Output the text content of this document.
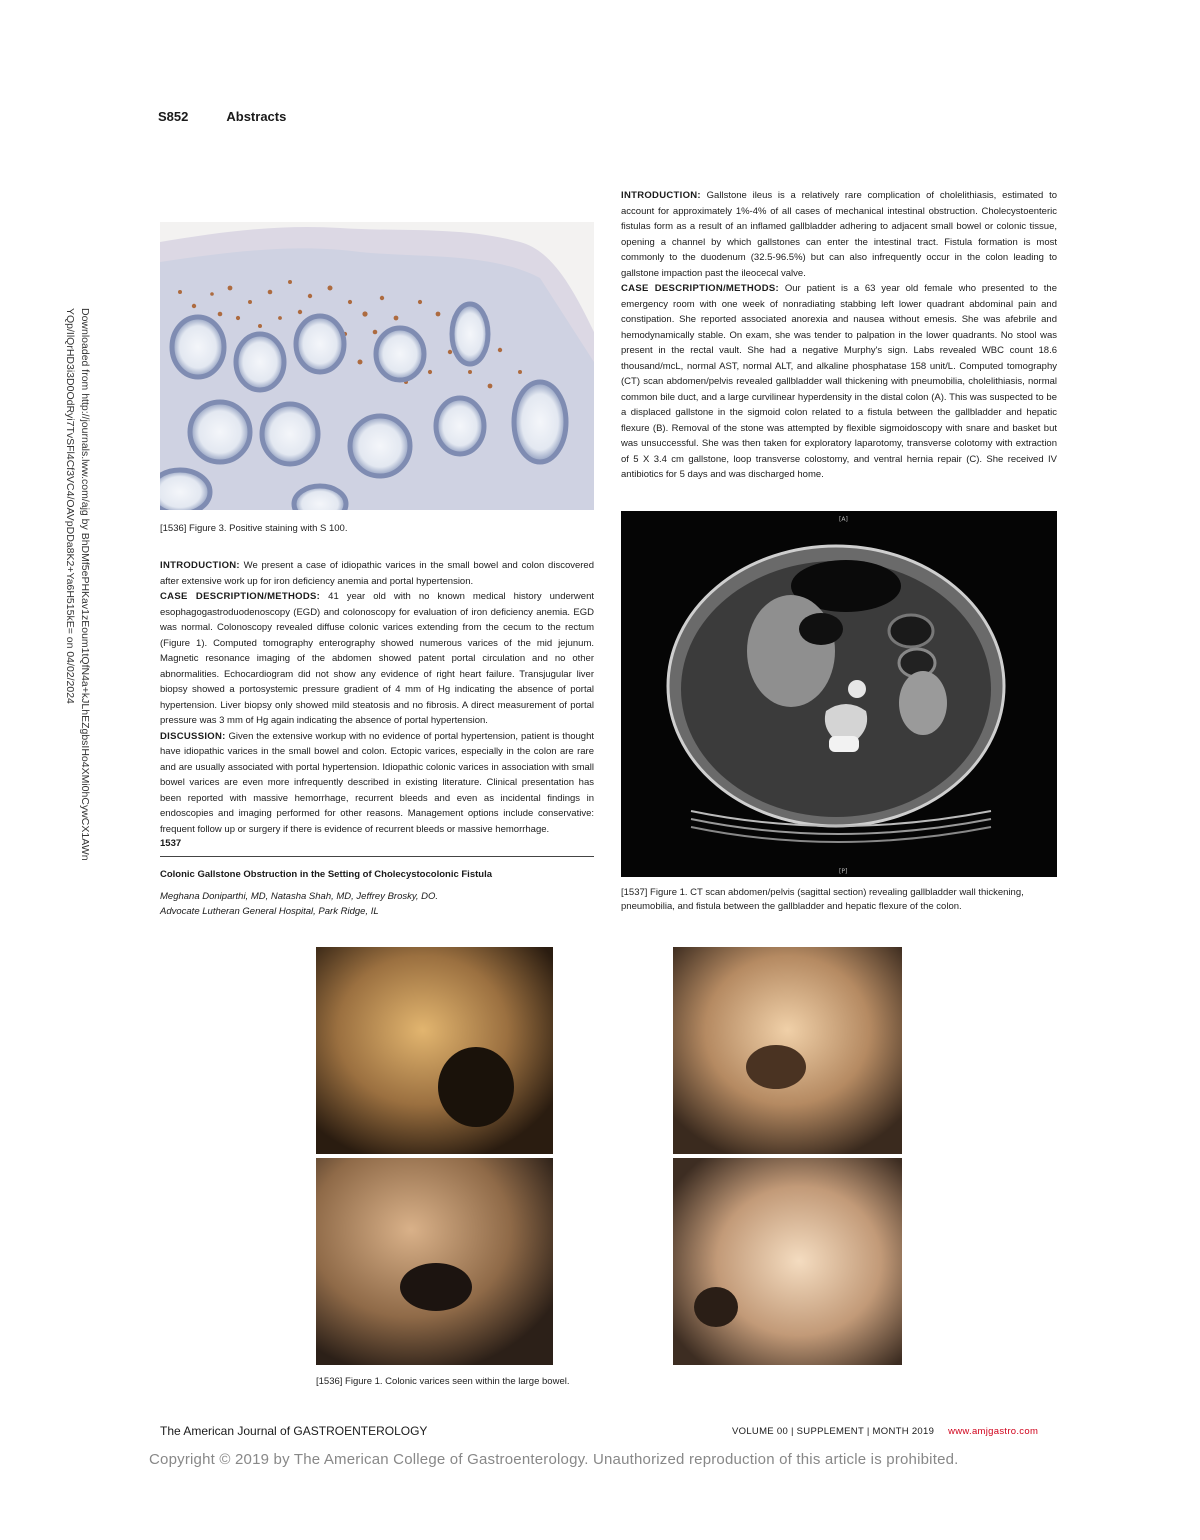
S852	Abstracts
Downloaded from http://journals.lww.com/ajg by BhDMf5ePHKav1zEoum1tQfN4a+kJLhEZgbsIHo4XMi0hCywCX1AWn
YQp/IlQrHD3i3D0OdRyi7TvSFl4Cf3VC4/OAVpDDa8K2+Ya6H515kE= on 04/02/2024	[1536] Figure 3. Positive staining with S 100.

INTRODUCTION: We present a case of idiopathic varices in the small bowel and colon discovered after extensive work up for iron deficiency anemia and portal hypertension.

CASE DESCRIPTION/METHODS: 41 year old with no known medical history underwent esophagogastroduodenoscopy (EGD) and colonoscopy for evaluation of iron deficiency anemia. EGD was normal. Colonoscopy revealed diffuse colonic varices extending from the cecum to the rectum (Figure 1). Computed tomography enterography showed numerous varices of the mid jejunum. Magnetic resonance imaging of the abdomen showed patent portal circulation and no other abnormalities. Echocardiogram did not show any evidence of right heart failure. Transjugular liver biopsy showed a portosystemic pressure gradient of 4 mm of Hg indicating the absence of portal hypertension. Liver biopsy only showed mild steatosis and no fibrosis. A direct measurement of portal pressure was 3 mm of Hg again indicating the absence of portal hypertension.

DISCUSSION: Given the extensive workup with no evidence of portal hypertension, patient is thought have idiopathic varices in the small bowel and colon. Ectopic varices, especially in the colon are rare and are usually associated with portal hypertension. Idiopathic colonic varices in association with small bowel varices are even more infrequently described in existing literature. Clinical presentation has been reported with massive hemorrhage, recurrent bleeds and even as incidental findings in endoscopies and imaging performed for other reasons. Management options include conservative: frequent follow up or surgery if there is evidence of recurrent bleeds or massive hemorrhage.

1537
Colonic Gallstone Obstruction in the Setting of Cholecystocolonic Fistula
Meghana Doniparthi, MD, Natasha Shah, MD, Jeffrey Brosky, DO.
Advocate Lutheran General Hospital, Park Ridge, IL

INTRODUCTION: Gallstone ileus is a relatively rare complication of cholelithiasis, estimated to account for approximately 1%-4% of all cases of mechanical intestinal obstruction. Cholecystoenteric fistulas form as a result of an inflamed gallbladder adhering to adjacent small bowel or colonic tissue, opening a channel by which gallstones can enter the intestinal tract. Fistula formation is most commonly to the duodenum (32.5-96.5%) but can also infrequently occur in the colon leading to gallstone impaction past the ileocecal valve.

CASE DESCRIPTION/METHODS: Our patient is a 63 year old female who presented to the emergency room with one week of nonradiating stabbing left lower quadrant abdominal pain and constipation. She reported associated anorexia and nausea without emesis. She was afebrile and hemodynamically stable. On exam, she was tender to palpation in the lower quadrants. No stool was present in the rectal vault. She had a negative Murphy's sign. Labs revealed WBC count 18.6 thousand/mcL, normal AST, normal ALT, and alkaline phosphatase 158 unit/L. Computed tomography (CT) scan abdomen/pelvis revealed gallbladder wall thickening with pneumobilia, cholelithiasis, normal common bile duct, and a large curvilinear hyperdensity in the distal colon (A). This was suspected to be a displaced gallstone in the sigmoid colon related to a fistula between the gallbladder and hepatic flexure (B). Removal of the stone was attempted by flexible sigmoidoscopy with snare and basket but was unsuccessful. She was then taken for exploratory laparotomy, transverse colotomy with extraction of 5 X 3.4 cm gallstone, loop transverse colostomy, and ventral hernia repair (C). She received IV antibiotics for 5 days and was discharged home.

[A]
[P]
[1537] Figure 1. CT scan abdomen/pelvis (sagittal section) revealing gallbladder wall thickening,
pneumobilia, and fistula between the gallbladder and hepatic flexure of the colon.
[1536] Figure 1. Colonic varices seen within the large bowel.
The American Journal of GASTROENTEROLOGY	VOLUME 00 | SUPPLEMENT | MONTH 2019 www.amjgastro.com
Copyright © 2019 by The American College of Gastroenterology. Unauthorized reproduction of this article is prohibited.
